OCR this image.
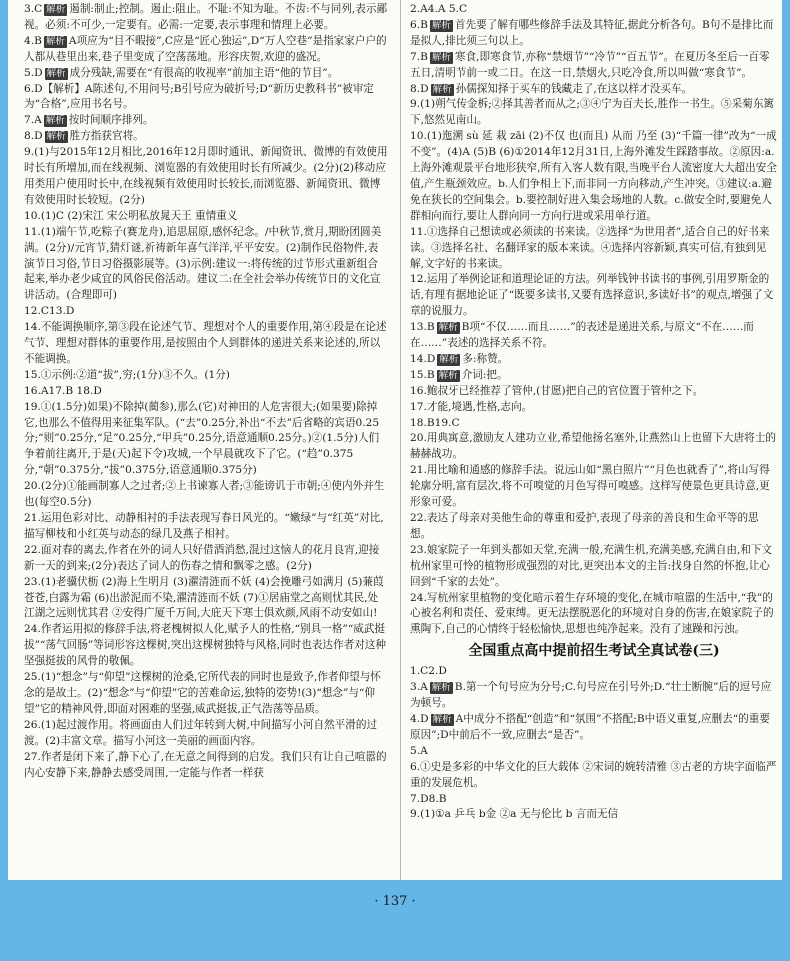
3.C 解析 遏制:制止;控制。遏止:阻止。不耻:不知为耻。不齿:不与同列,表示鄙视。必须:不可少,一定要有。必需:一定要,表示事理和情理上必要。
4.B 解析 A项应为“目不暇接”,C应是“匠心独运”,D“万人空巷”是指家家户户的人都从巷里出来,巷子里变成了空荡荡地。形容庆贺,欢迎的盛况。
5.D 解析 成分残缺,需要在“有很高的收视率”前加主语“他的节目”。
6.D【解析】A陈述句,不用问号;B引号应为破折号;D“新历史教科书”被审定为“合格”,应用书名号。
7.A 解析 按时间顺序排列。
8.D 解析 胜方指获官将。
9.(1)与2015年12月相比,2016年12月即时通讯、新闻资讯、微博的有效使用时长有所增加,而在线视频、浏览器的有效使用时长有所减少。(2分)(2)移动应用类用户使用时长中,在线视频有效使用时长较长,而浏览器、新闻资讯、微博有效使用时长较短。(2分)
10.(1)C (2)宋江 宋公明私放晁天王 重情重义
11.(1)端午节,吃粽子(赛龙舟),追思屈原,感怀纪念。/中秋节,赏月,期盼团圆美满。(2分)/元宵节,猜灯谜,祈祷新年喜气洋洋,平平安安。(2)制作民俗物件,表演节日习俗,节日习俗摄影展等。(3)示例:建议一:将传统的过节形式重新组合起来,举办老少咸宜的风俗民俗活动。建议二:在全社会举办传统节日的文化宣讲活动。(合理即可)
12.C13.D
14.不能调换顺序,第③段在论述气节、理想对个人的重要作用,第④段是在论述气节、理想对群体的重要作用,是按照由个人到群体的递进关系来论述的,所以不能调换。
15.①示例:②道“拔”,穷;(1分)③不久。(1分)
16.A17.B 18.D
19.①(1.5分)如果)不除掉(蔺参),那么(它)对神田的人危害很大;(如果要)除掉它,也那么不值得用来征集军队。(“去”0.25分,补出“不去”后省略的宾语0.25分;“则”0.25分,“足”0.25分,“甲兵”0.25分,语意通顺0.25分。)②(1.5分)人们争着前往离开,于是(天)起下令)攻城,一个早晨就攻下了它。(“趋”0.375分,“朝”0.375分,“拔”0.375分,语意通顺0.375分)
20.(2分)①能画制寡人之过者;②上书谏寡人者;③能谤讥于市朝;④使内外并生也(每空0.5分)
21.运用色彩对比、动静相衬的手法表现写春日风光的。“嫩绿”与“红英”对比,描写柳枝和小红英与动态的绿几及燕子相衬。
22.面对春的离去,作者在外的词人只好借酒消愁,混过这恼人的花月良宵,迎接新一天的到来;(2分)表达了词人的伤春之情和飘零之感。(2分)
23.(1)老骥伏枥 (2)海上生明月 (3)濯清涟而不妖 (4)会挽雕弓如满月 (5)蒹葭苍苍,白露为霜 (6)出淤泥而不染,濯清涟而不妖 (7)①居庙堂之高则忧其民,处江湖之远则忧其君 ②安得广厦千万间,大庇天下寒士俱欢颜,风雨不动安如山!
24.作者运用拟的修辞手法,将老槐树拟人化,赋予人的性格,“别具一格”“威武挺拔”“荡气回肠”等词形容这棵树,突出这棵树独特与风格,同时也表达作者对这种坚强挺拔的风骨的敬佩。
25.(1)“想念”与“仰望”这棵树的沧桑,它所代表的同时也是致予,作者仰望与怀念的是故土。(2)“想念”与“仰望”它的苦难命运,独特的姿势!(3)“想念”与“仰望”它的精神风骨,即面对困难的坚强,威武挺拔,正气浩荡等品质。
26.(1)起过渡作用。将画面由人们过年转到大树,中间描写小河自然平滑的过渡。(2)丰富文章。描写小河这一美丽的画面内容。
27.作者是闭下来了,静下心了,在无意之间得到的启发。我们只有让自己喧嚣的内心安静下来,静静去感受周围,一定能与作者一样获
2.A4.A 5.C
6.B 解析 首先要了解有哪些修辞手法及其特征,据此分析各句。B句不是排比而是拟人,排比须三句以上。
7.B 解析 寒食,即寒食节,亦称“禁烟节”“冷节”“百五节”。在夏历冬至后一百零五日,清明节前一或二日。在这一日,禁烟火,只吃冷食,所以叫做“寒食节”。
8.D 解析 孙儒探知择于买车的钱藏走了,在这以样才没买车。
9.(1)朔气传金柝;②择其善者而从之;③④宁为百夫长,胜作一书生。⑤采菊东篱下,悠然见南山。
10.(1)迤溯 sù 延 栽 zāi (2)不仅 也(而且) 从而 乃至 (3)“千篇一律”改为“一成不变”。(4)A (5)B (6)①2014年12月31日,上海外滩发生踩踏事故。②原因:a.上海外滩观景平台地形狭窄,所有入客人数有限,当晚平台人流密度大大超出安全值,产生瓶颈效应。b.人们争相上下,而非同一方向移动,产生冲突。③建议:a.避免在狭长的空间集会。b.要控制好进入集会场地的人数。c.做安全时,要避免人群相向而行,要让人群向同一方向行进或采用单行道。
11.①选择自己想读或必须读的书来读。②选择“为世用者”,适合自己的好书来读。③选择名社、名翻译家的版本来读。④选择内容新颖,真实可信,有独到见解,文字好的书来读。
12.运用了举例论证和道理论证的方法。列举钱钟书读书的事例,引用罗斯金的话,有理有据地论证了“既要多读书,又要有选择意识,多读好书”的观点,增强了文章的说服力。
13.B 解析 B项“不仅……而且……”的表述是递进关系,与原文“不在……而在……”表述的选择关系不符。
14.D 解析 多:称赞。
15.B 解析 介词:把。
16.鲍叔牙已经推荐了管仲,(甘愿)把自己的官位置于管仲之下。
17.才能,境遇,性格,志向。
18.B19.C
20.用典寓意,激励友人建功立业,希望他扬名塞外,让燕然山上也留下大唐将士的赫赫战功。
21.用比喻和通感的修辞手法。说远山如“黑白照片”“月色也就香了”,将山写得轮廓分明,富有层次,将不可嗅觉的月色写得可嗅感。这样写使景色更具诗意,更形象可爱。
22.表达了母亲对美他生命的尊重和爱护,表现了母亲的善良和生命平等的思想。
23.娘家院子一年到头都如天堂,充满一般,充满生机,充满美感,充满自由,和下文杭州家里可怜的植物形成强烈的对比,更突出本文的主旨:找身自然的怀抱,让心回到“千家的去处”。
24.写杭州家里植物的变化暗示着生存环境的变化,在城市喧嚣的生活中,“我”的心被名利和责任、爱束缚。更无法摆脱恶化的环境对自身的伤害,在娘家院子的熏陶下,自己的心情终于轻松愉快,思想也纯净起来。没有了速躁和污浊。
全国重点高中提前招生考试全真试卷(三)
1.C2.D
3.A 解析 B.第一个句号应为分号;C.句号应在引号外;D.“壮士断腕”后的逗号应为顿号。
4.D 解析 A中成分不搭配“创造”和“氛围”不搭配;B中语义重复,应删去“的重要原因”;D中前后不一致,应删去“是否”。
5.A
6.①史是多彩的中华文化的巨大载体 ②宋词的婉转清雅 ③古老的方块字面临严重的发展危机。
7.D8.B
9.(1)①a 乒乓 b金 ②a 无与伦比 b 言而无信
· 137 ·
